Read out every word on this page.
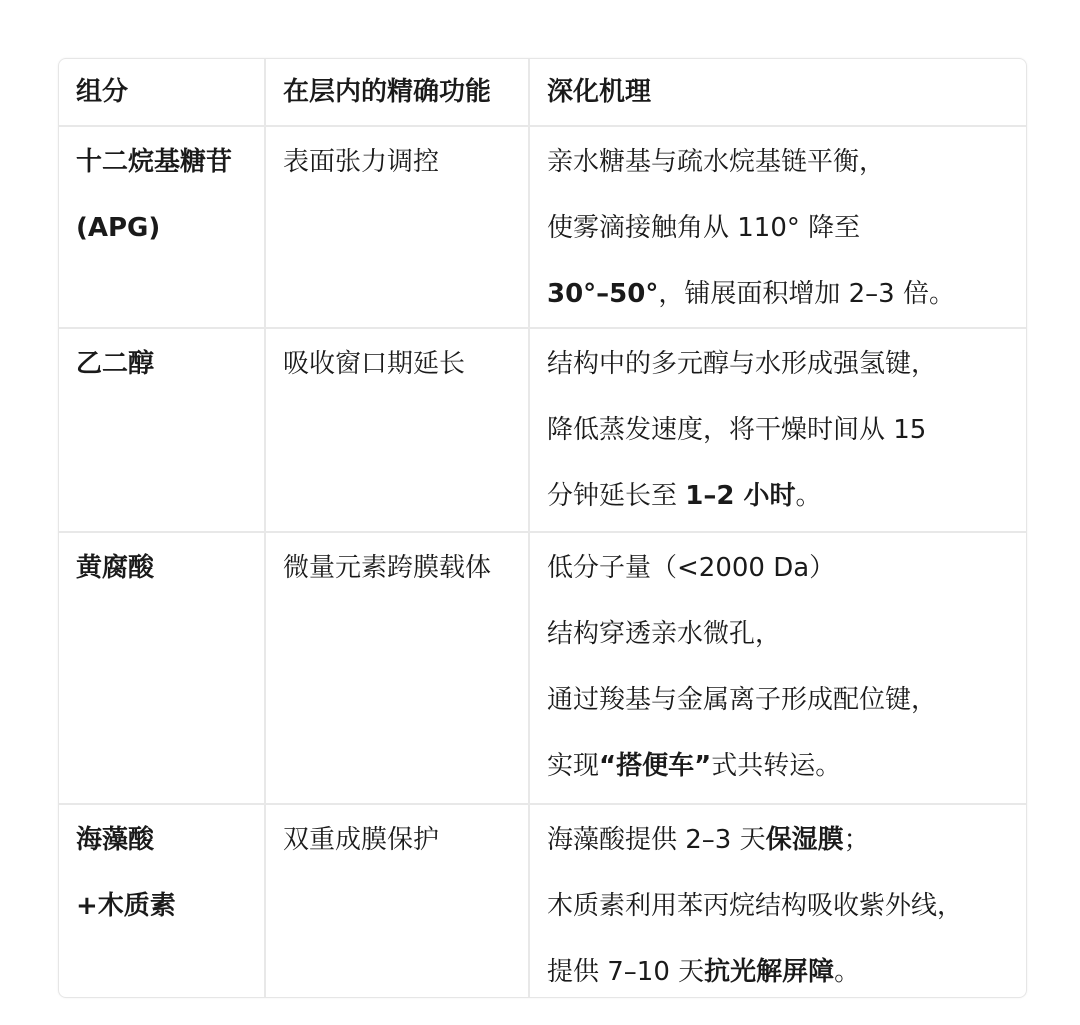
组分	在层内的精确功能	深化机理

十二烷基糖苷
(APG)	表面张力调控	亲水糖基与疏水烷基链平衡，
使雾滴接触角从 110° 降至
30°–50°，铺展面积增加 2–3 倍。

乙二醇	吸收窗口期延长	结构中的多元醇与水形成强氢键，
降低蒸发速度，将干燥时间从 15
分钟延长至 1–2 小时。

黄腐酸	微量元素跨膜载体	低分子量（<2000 Da）
结构穿透亲水微孔，
通过羧基与金属离子形成配位键，
实现“搭便车”式共转运。

海藻酸
+木质素	双重成膜保护	海藻酸提供 2–3 天保湿膜；
木质素利用苯丙烷结构吸收紫外线，
提供 7–10 天抗光解屏障。
